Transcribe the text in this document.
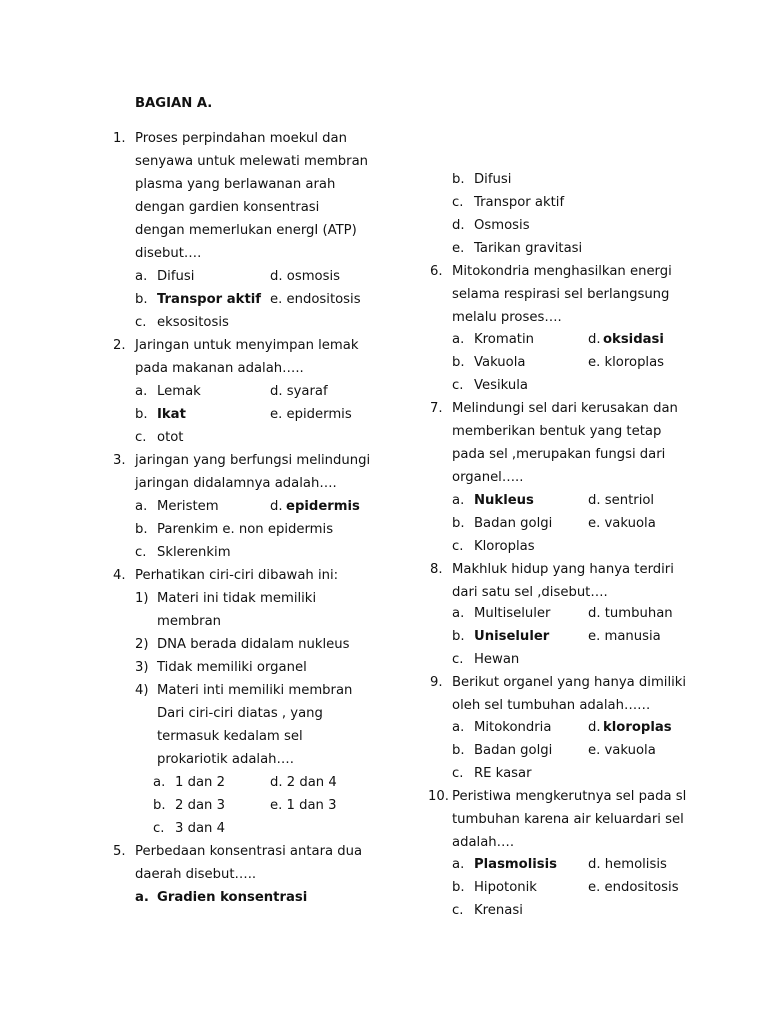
BAGIAN A.
1. Proses perpindahan moekul dan
senyawa untuk melewati membran
plasma yang berlawanan arah
dengan gardien konsentrasi
dengan memerlukan energI (ATP)
disebut….
a. Difusi	d. osmosis
b. Transpor aktif e. endositosis
c. eksositosis
2. Jaringan untuk menyimpan lemak
pada makanan adalah…..
a. Lemak	d. syaraf
b. Ikat	e. epidermis
c. otot
3. jaringan yang berfungsi melindungi
jaringan didalamnya adalah….
a. Meristem	d. epidermis
b. Parenkim e. non epidermis
c. Sklerenkim
4. Perhatikan ciri-ciri dibawah ini:
1) Materi ini tidak memiliki
membran
2) DNA berada didalam nukleus
3) Tidak memiliki organel
4) Materi inti memiliki membran
Dari ciri-ciri diatas , yang
termasuk kedalam sel
prokariotik adalah….
a. 1 dan 2	d. 2 dan 4
b. 2 dan 3	e. 1 dan 3
c. 3 dan 4
5. Perbedaan konsentrasi antara dua
daerah disebut…..
a. Gradien konsentrasi
b. Difusi
c. Transpor aktif
d. Osmosis
e. Tarikan gravitasi
6. Mitokondria menghasilkan energi
selama respirasi sel berlangsung
melalu proses….
a. Kromatin	d. oksidasi
b. Vakuola	e. kloroplas
c. Vesikula
7. Melindungi sel dari kerusakan dan
memberikan bentuk yang tetap
pada sel ,merupakan fungsi dari
organel…..
a. Nukleus	d. sentriol
b. Badan golgi	e. vakuola
c. Kloroplas
8. Makhluk hidup yang hanya terdiri
dari satu sel ,disebut….
a. Multiseluler	d. tumbuhan
b. Uniseluler	e. manusia
c. Hewan
9. Berikut organel yang hanya dimiliki
oleh sel tumbuhan adalah……
a. Mitokondria	d. kloroplas
b. Badan golgi	e. vakuola
c. RE kasar
10. Peristiwa mengkerutnya sel pada sl
tumbuhan karena air keluardari sel
adalah….
a. Plasmolisis d. hemolisis
b. Hipotonik	e. endositosis
c. Krenasi
